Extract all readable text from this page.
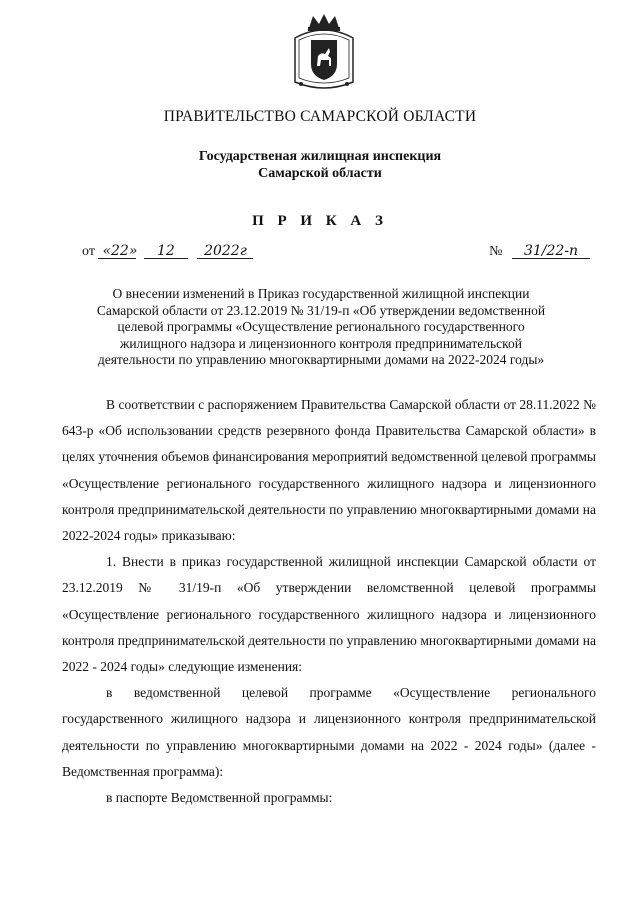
ПРАВИТЕЛЬСТВО САМАРСКОЙ ОБЛАСТИ
Государственая жилищная инспекция
Самарской области
П Р И К А З
от «22» 12 2022г	№ 31/22-п
О внесении изменений в Приказ государственной жилищной инспекции
Самарской области от 23.12.2019 № 31/19-п «Об утверждении ведомственной
целевой программы «Осуществление регионального государственного
жилищного надзора и лицензионного контроля предпринимательской
деятельности по управлению многоквартирными домами на 2022-2024 годы»

В соответствии с распоряжением Правительства Самарской области от 28.11.2022 № 643-р «Об использовании средств резервного фонда Правительства Самарской области» в целях уточнения объемов финансирования мероприятий ведомственной целевой программы «Осуществление регионального государственного жилищного надзора и лицензионного контроля предпринимательской деятельности по управлению многоквартирными домами на 2022-2024 годы» приказываю:

1. Внести в приказ государственной жилищной инспекции Самарской области от 23.12.2019 № 31/19-п «Об утверждении веломственной целевой программы «Осуществление регионального государственного жилищного надзора и лицензионного контроля предпринимательской деятельности по управлению многоквартирными домами на 2022 - 2024 годы» следующие изменения:

в ведомственной целевой программе «Осуществление регионального государственного жилищного надзора и лицензионного контроля предпринимательской деятельности по управлению многоквартирными домами на 2022 - 2024 годы» (далее - Ведомственная программа):

в паспорте Ведомственной программы:
